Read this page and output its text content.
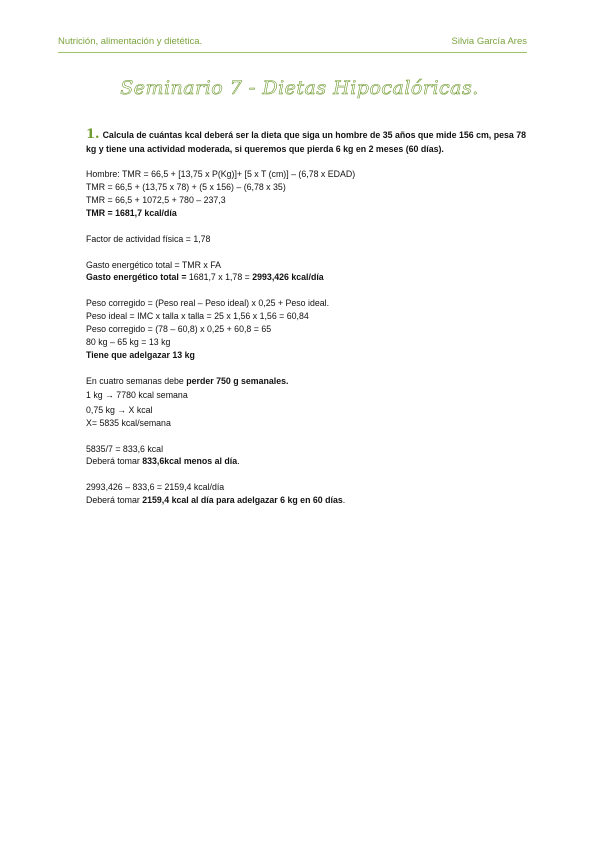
Nutrición, alimentación y dietética.	Silvia García Ares
Seminario 7 - Dietas Hipocalóricas.
1. Calcula de cuántas kcal deberá ser la dieta que siga un hombre de 35 años que mide 156 cm, pesa 78 kg y tiene una actividad moderada, si queremos que pierda 6 kg en 2 meses (60 días).
Hombre: TMR = 66,5 + [13,75 x P(Kg)]+ [5 x T (cm)] – (6,78 x EDAD)
TMR = 66,5 + (13,75 x 78) + (5 x 156) – (6,78 x 35)
TMR = 66,5 + 1072,5 + 780 – 237,3
TMR = 1681,7 kcal/día
Factor de actividad física = 1,78
Gasto energético total = TMR x FA
Gasto energético total = 1681,7 x 1,78 = 2993,426 kcal/día
Peso corregido = (Peso real – Peso ideal) x 0,25 + Peso ideal.
Peso ideal = IMC x talla x talla = 25 x 1,56 x 1,56 = 60,84
Peso corregido = (78 – 60,8) x 0,25 + 60,8 = 65
80 kg – 65 kg = 13 kg
Tiene que adelgazar 13 kg
En cuatro semanas debe perder 750 g semanales.
1 kg → 7780 kcal semana
0,75 kg → X kcal
X= 5835 kcal/semana
5835/7 = 833,6 kcal
Deberá tomar 833,6kcal menos al día.
2993,426 – 833,6 = 2159,4 kcal/día
Deberá tomar 2159,4 kcal al día para adelgazar 6 kg en 60 días.
